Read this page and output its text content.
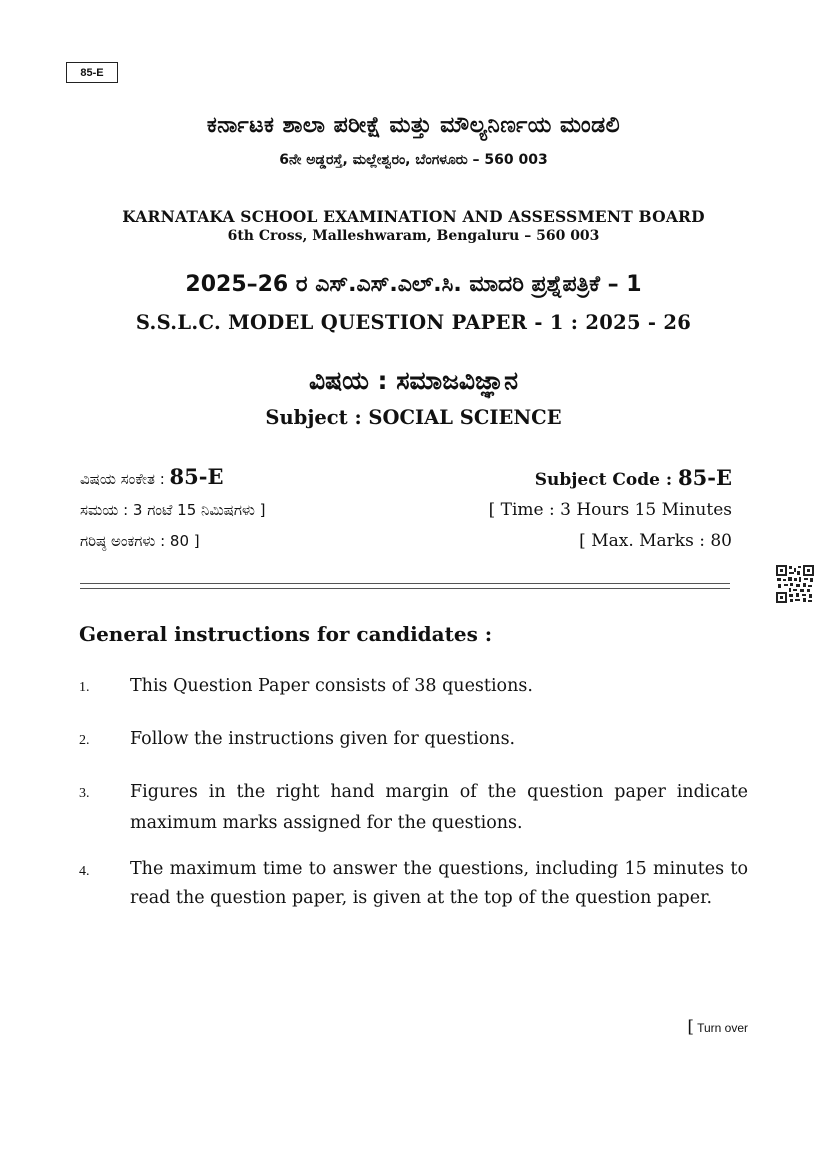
85-E
ಕರ್ನಾಟಕ ಶಾಲಾ ಪರೀಕ್ಷೆ ಮತ್ತು ಮೌಲ್ಯನಿರ್ಣಯ ಮಂಡಲಿ
6ನೇ ಅಡ್ಡರಸ್ತೆ, ಮಲ್ಲೇಶ್ವರಂ, ಬೆಂಗಳೂರು – 560 003
KARNATAKA SCHOOL EXAMINATION AND ASSESSMENT BOARD
6th Cross, Malleshwaram, Bengaluru – 560 003
2025–26 ರ ಎಸ್.ಎಸ್.ಎಲ್.ಸಿ. ಮಾದರಿ ಪ್ರಶ್ನೆಪತ್ರಿಕೆ – 1
S.S.L.C. MODEL QUESTION PAPER - 1 : 2025 - 26
ವಿಷಯ : ಸಮಾಜವಿಜ್ಞಾನ
Subject : SOCIAL SCIENCE
ವಿಷಯ ಸಂಕೇತ : 85-E	Subject Code : 85-E
ಸಮಯ : 3 ಗಂಟೆ 15 ನಿಮಿಷಗಳು ]	[ Time : 3 Hours 15 Minutes
ಗರಿಷ್ಠ ಅಂಕಗಳು : 80 ]	[ Max. Marks : 80
General instructions for candidates :
1. This Question Paper consists of 38 questions.
2. Follow the instructions given for questions.
3. Figures in the right hand margin of the question paper indicate maximum marks assigned for the questions.
4. The maximum time to answer the questions, including 15 minutes to read the question paper, is given at the top of the question paper.
[ Turn over
